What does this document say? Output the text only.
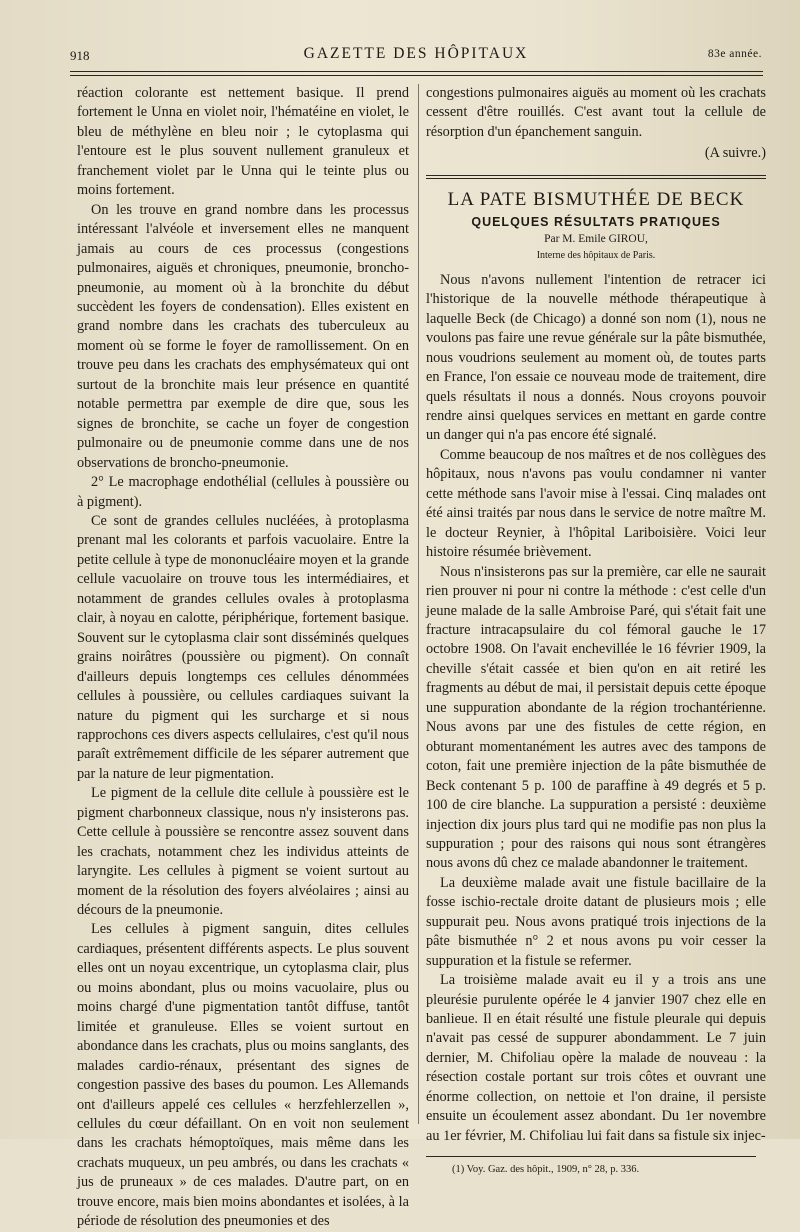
918	GAZETTE DES HÔPITAUX	83e année.

réaction colorante est nettement basique. Il prend fortement le Unna en violet noir, l'hématéine en violet, le bleu de méthylène en bleu noir ; le cytoplasma qui l'entoure est le plus souvent nullement granuleux et franchement violet par le Unna qui le teinte plus ou moins fortement.

On les trouve en grand nombre dans les processus intéressant l'alvéole et inversement elles ne manquent jamais au cours de ces processus (congestions pulmonaires, aiguës et chroniques, pneumonie, broncho-pneumonie, au moment où à la bronchite du début succèdent les foyers de condensation). Elles existent en grand nombre dans les crachats des tuberculeux au moment où se forme le foyer de ramollissement. On en trouve peu dans les crachats des emphysémateux qui ont surtout de la bronchite mais leur présence en quantité notable permettra par exemple de dire que, sous les signes de bronchite, se cache un foyer de congestion pulmonaire ou de pneumonie comme dans une de nos observations de broncho-pneumonie.

2° Le macrophage endothélial (cellules à poussière ou à pigment).

Ce sont de grandes cellules nucléées, à protoplasma prenant mal les colorants et parfois vacuolaire. Entre la petite cellule à type de mononucléaire moyen et la grande cellule vacuolaire on trouve tous les intermédiaires, et notamment de grandes cellules ovales à protoplasma clair, à noyau en calotte, périphérique, fortement basique. Souvent sur le cytoplasma clair sont disséminés quelques grains noirâtres (poussière ou pigment). On connaît d'ailleurs depuis longtemps ces cellules dénommées cellules à poussière, ou cellules cardiaques suivant la nature du pigment qui les surcharge et si nous rapprochons ces divers aspects cellulaires, c'est qu'il nous paraît extrêmement difficile de les séparer autrement que par la nature de leur pigmentation.

Le pigment de la cellule dite cellule à poussière est le pigment charbonneux classique, nous n'y insisterons pas. Cette cellule à poussière se rencontre assez souvent dans les crachats, notamment chez les individus atteints de laryngite. Les cellules à pigment se voient surtout au moment de la résolution des foyers alvéolaires ; ainsi au décours de la pneumonie.

Les cellules à pigment sanguin, dites cellules cardiaques, présentent différents aspects. Le plus souvent elles ont un noyau excentrique, un cytoplasma clair, plus ou moins abondant, plus ou moins vacuolaire, plus ou moins chargé d'une pigmentation tantôt diffuse, tantôt limitée et granuleuse. Elles se voient surtout en abondance dans les crachats, plus ou moins sanglants, des malades cardio-rénaux, présentant des signes de congestion passive des bases du poumon. Les Allemands ont d'ailleurs appelé ces cellules « herzfehlerzellen », cellules du cœur défaillant. On en voit non seulement dans les crachats hémoptoïques, mais même dans les crachats muqueux, un peu ambrés, ou dans les crachats « jus de pruneaux » de ces malades. D'autre part, on en trouve encore, mais bien moins abondantes et isolées, à la période de résolution des pneumonies et des

congestions pulmonaires aiguës au moment où les crachats cessent d'être rouillés. C'est avant tout la cellule de résorption d'un épanchement sanguin.

(A suivre.)

LA PATE BISMUTHÉE DE BECK
QUELQUES RÉSULTATS PRATIQUES
Par M. Emile GIROU,
Interne des hôpitaux de Paris.

Nous n'avons nullement l'intention de retracer ici l'historique de la nouvelle méthode thérapeutique à laquelle Beck (de Chicago) a donné son nom (1), nous ne voulons pas faire une revue générale sur la pâte bismuthée, nous voudrions seulement au moment où, de toutes parts en France, l'on essaie ce nouveau mode de traitement, dire quels résultats il nous a donnés. Nous croyons pouvoir rendre ainsi quelques services en mettant en garde contre un danger qui n'a pas encore été signalé.

Comme beaucoup de nos maîtres et de nos collègues des hôpitaux, nous n'avons pas voulu condamner ni vanter cette méthode sans l'avoir mise à l'essai. Cinq malades ont été ainsi traités par nous dans le service de notre maître M. le docteur Reynier, à l'hôpital Lariboisière. Voici leur histoire résumée brièvement.

Nous n'insisterons pas sur la première, car elle ne saurait rien prouver ni pour ni contre la méthode : c'est celle d'un jeune malade de la salle Ambroise Paré, qui s'était fait une fracture intracapsulaire du col fémoral gauche le 17 octobre 1908. On l'avait enchevillée le 16 février 1909, la cheville s'était cassée et bien qu'on en ait retiré les fragments au début de mai, il persistait depuis cette époque une suppuration abondante de la région trochantérienne. Nous avons par une des fistules de cette région, en obturant momentanément les autres avec des tampons de coton, fait une première injection de la pâte bismuthée de Beck contenant 5 p. 100 de paraffine à 49 degrés et 5 p. 100 de cire blanche. La suppuration a persisté : deuxième injection dix jours plus tard qui ne modifie pas non plus la suppuration ; pour des raisons qui nous sont étrangères nous avons dû chez ce malade abandonner le traitement.

La deuxième malade avait une fistule bacillaire de la fosse ischio-rectale droite datant de plusieurs mois ; elle suppurait peu. Nous avons pratiqué trois injections de la pâte bismuthée n° 2 et nous avons pu voir cesser la suppuration et la fistule se refermer.

La troisième malade avait eu il y a trois ans une pleurésie purulente opérée le 4 janvier 1907 chez elle en banlieue. Il en était résulté une fistule pleurale qui depuis n'avait pas cessé de suppurer abondamment. Le 7 juin dernier, M. Chifoliau opère la malade de nouveau : la résection costale portant sur trois côtes et ouvrant une énorme collection, on nettoie et l'on draine, il persiste ensuite un écoulement assez abondant. Du 1er novembre au 1er février, M. Chifoliau lui fait dans sa fistule six injec-

(1) Voy. Gaz. des hôpit., 1909, n° 28, p. 336.
